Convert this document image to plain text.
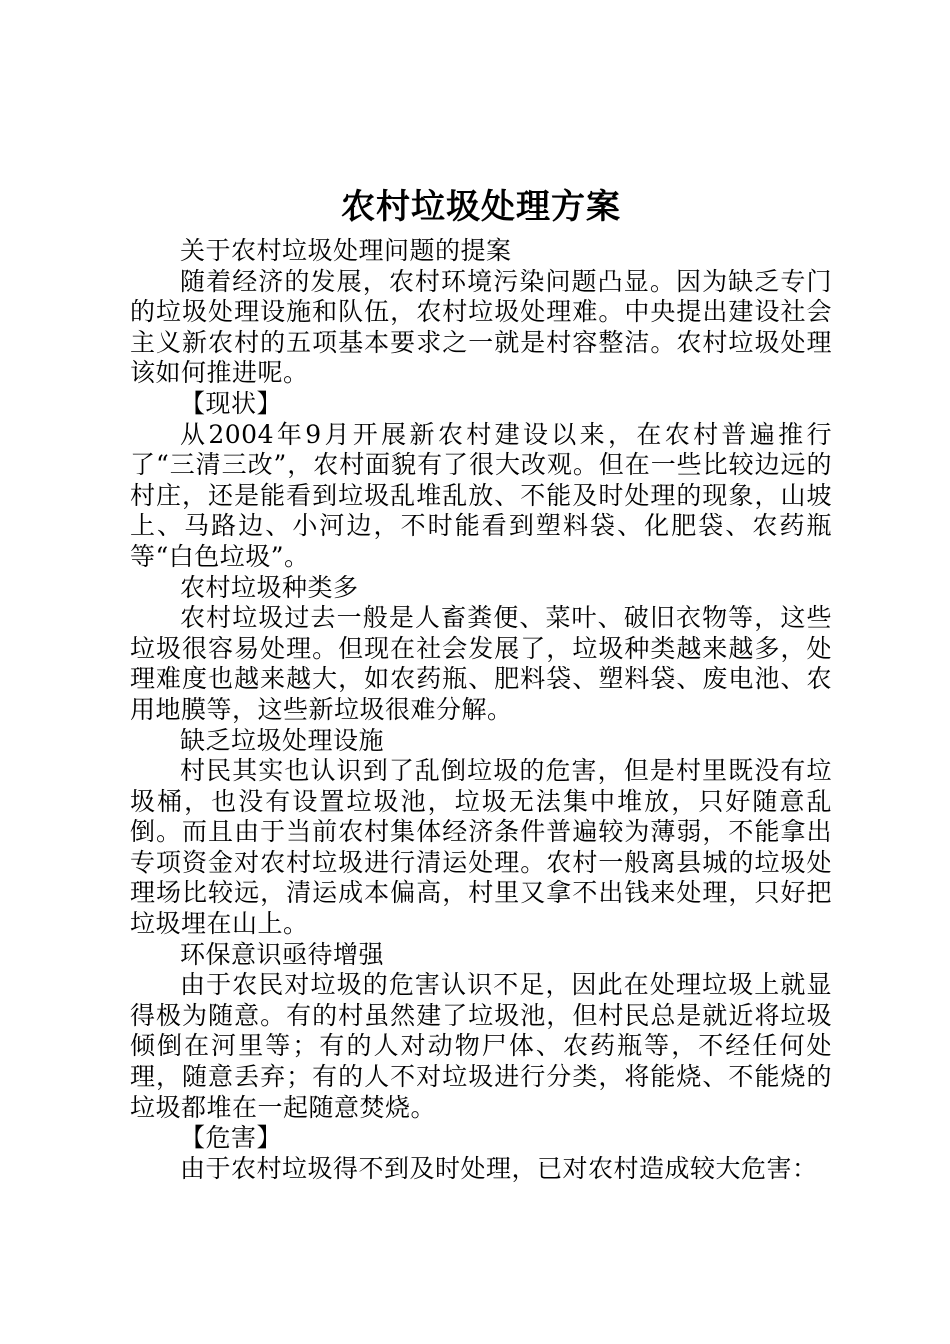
农村垃圾处理方案

关于农村垃圾处理问题的提案

随着经济的发展，农村环境污染问题凸显。因为缺乏专门的垃圾处理设施和队伍，农村垃圾处理难。中央提出建设社会主义新农村的五项基本要求之一就是村容整洁。农村垃圾处理该如何推进呢。

【现状】

从2004年9月开展新农村建设以来，在农村普遍推行了“三清三改”，农村面貌有了很大改观。但在一些比较边远的村庄，还是能看到垃圾乱堆乱放、不能及时处理的现象，山坡上、马路边、小河边，不时能看到塑料袋、化肥袋、农药瓶等“白色垃圾”。

农村垃圾种类多

农村垃圾过去一般是人畜粪便、菜叶、破旧衣物等，这些垃圾很容易处理。但现在社会发展了，垃圾种类越来越多，处理难度也越来越大，如农药瓶、肥料袋、塑料袋、废电池、农用地膜等，这些新垃圾很难分解。

缺乏垃圾处理设施

村民其实也认识到了乱倒垃圾的危害，但是村里既没有垃圾桶，也没有设置垃圾池，垃圾无法集中堆放，只好随意乱倒。而且由于当前农村集体经济条件普遍较为薄弱，不能拿出专项资金对农村垃圾进行清运处理。农村一般离县城的垃圾处理场比较远，清运成本偏高，村里又拿不出钱来处理，只好把垃圾埋在山上。

环保意识亟待增强

由于农民对垃圾的危害认识不足，因此在处理垃圾上就显得极为随意。有的村虽然建了垃圾池，但村民总是就近将垃圾倾倒在河里等；有的人对动物尸体、农药瓶等，不经任何处理，随意丢弃；有的人不对垃圾进行分类，将能烧、不能烧的垃圾都堆在一起随意焚烧。

【危害】

由于农村垃圾得不到及时处理，已对农村造成较大危害：
